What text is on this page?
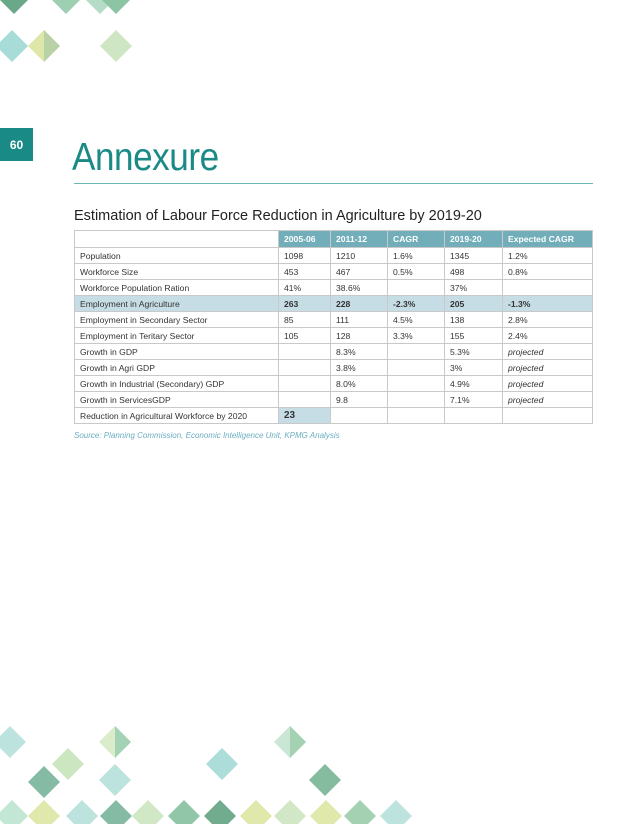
60 Annexure
Estimation of Labour Force Reduction in Agriculture by 2019-20
	2005-06	2011-12	CAGR	2019-20	Expected CAGR
Population	1098	1210	1.6%	1345	1.2%
Workforce Size	453	467	0.5%	498	0.8%
Workforce Population Ration	41%	38.6%		37%	
Employment in Agriculture	263	228	-2.3%	205	-1.3%
Employment in Secondary Sector	85	111	4.5%	138	2.8%
Employment in Teritary Sector	105	128	3.3%	155	2.4%
Growth in GDP		8.3%		5.3%	projected
Growth in Agri GDP		3.8%		3%	projected
Growth in Industrial (Secondary) GDP		8.0%		4.9%	projected
Growth in ServicesGDP		9.8		7.1%	projected
Reduction in Agricultural Workforce by 2020	23				

Source: Planning Commission, Economic Intelligence Unit, KPMG Analysis
